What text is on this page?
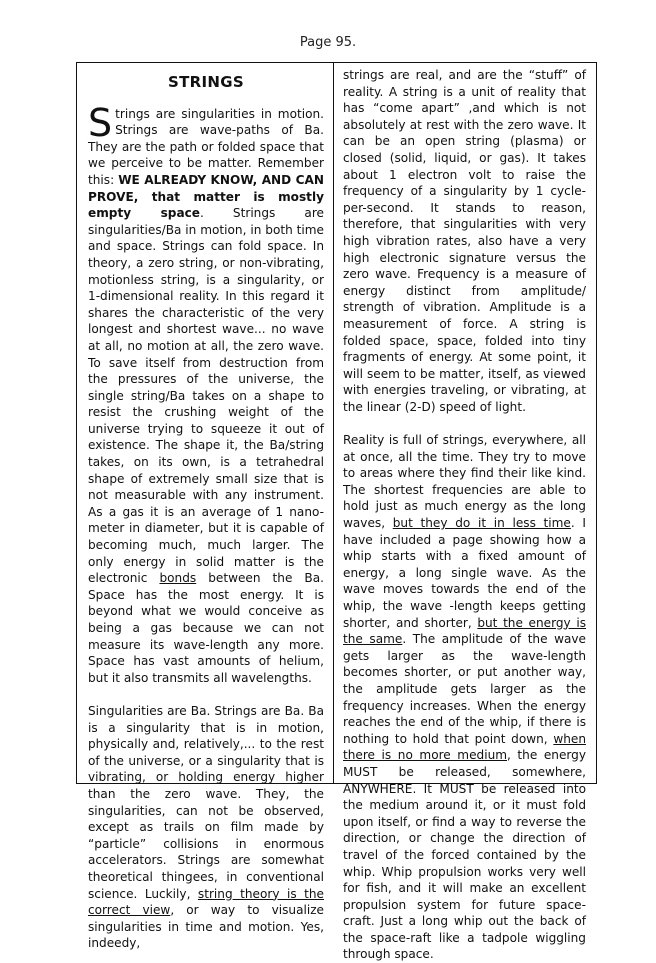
Page 95.
STRINGS

Strings are singularities in motion. Strings are wave-paths of Ba. They are the path or folded space that we perceive to be matter. Remember this: WE ALREADY KNOW, AND CAN PROVE, that matter is mostly empty space. Strings are singularities/Ba in motion, in both time and space. Strings can fold space. In theory, a zero string, or non-vibrating, motionless string, is a singularity, or 1-dimensional reality. In this regard it shares the characteristic of the very longest and shortest wave... no wave at all, no motion at all, the zero wave. To save itself from destruction from the pressures of the universe, the single string/Ba takes on a shape to resist the crushing weight of the universe trying to squeeze it out of existence. The shape it, the Ba/string takes, on its own, is a tetrahedral shape of extremely small size that is not measurable with any instrument. As a gas it is an average of 1 nano-meter in diameter, but it is capable of becoming much, much larger. The only energy in solid matter is the electronic bonds between the Ba. Space has the most energy. It is beyond what we would conceive as being a gas because we can not measure its wave-length any more. Space has vast amounts of helium, but it also transmits all wavelengths.

Singularities are Ba. Strings are Ba. Ba is a singularity that is in motion, physically and, relatively,... to the rest of the universe, or a singularity that is vibrating, or holding energy higher than the zero wave. They, the singularities, can not be observed, except as trails on film made by “particle” collisions in enormous accelerators. Strings are somewhat theoretical thingees, in conventional science. Luckily, string theory is the correct view, or way to visualize singularities in time and motion. Yes, indeedy,

strings are real, and are the “stuff” of reality. A string is a unit of reality that has “come apart” ,and which is not absolutely at rest with the zero wave. It can be an open string (plasma) or closed (solid, liquid, or gas). It takes about 1 electron volt to raise the frequency of a singularity by 1 cycle-per-second. It stands to reason, therefore, that singularities with very high vibration rates, also have a very high electronic signature versus the zero wave. Frequency is a measure of energy distinct from amplitude/ strength of vibration. Amplitude is a measurement of force. A string is folded space, space, folded into tiny fragments of energy. At some point, it will seem to be matter, itself, as viewed with energies traveling, or vibrating, at the linear (2-D) speed of light.

Reality is full of strings, everywhere, all at once, all the time. They try to move to areas where they find their like kind. The shortest frequencies are able to hold just as much energy as the long waves, but they do it in less time. I have included a page showing how a whip starts with a fixed amount of energy, a long single wave. As the wave moves towards the end of the whip, the wave -length keeps getting shorter, and shorter, but the energy is the same. The amplitude of the wave gets larger as the wave-length becomes shorter, or put another way, the amplitude gets larger as the frequency increases. When the energy reaches the end of the whip, if there is nothing to hold that point down, when there is no more medium, the energy MUST be released, somewhere, ANYWHERE. It MUST be released into the medium around it, or it must fold upon itself, or find a way to reverse the direction, or change the direction of travel of the forced contained by the whip. Whip propulsion works very well for fish, and it will make an excellent propulsion system for future space-craft. Just a long whip out the back of the space-raft like a tadpole wiggling through space.
